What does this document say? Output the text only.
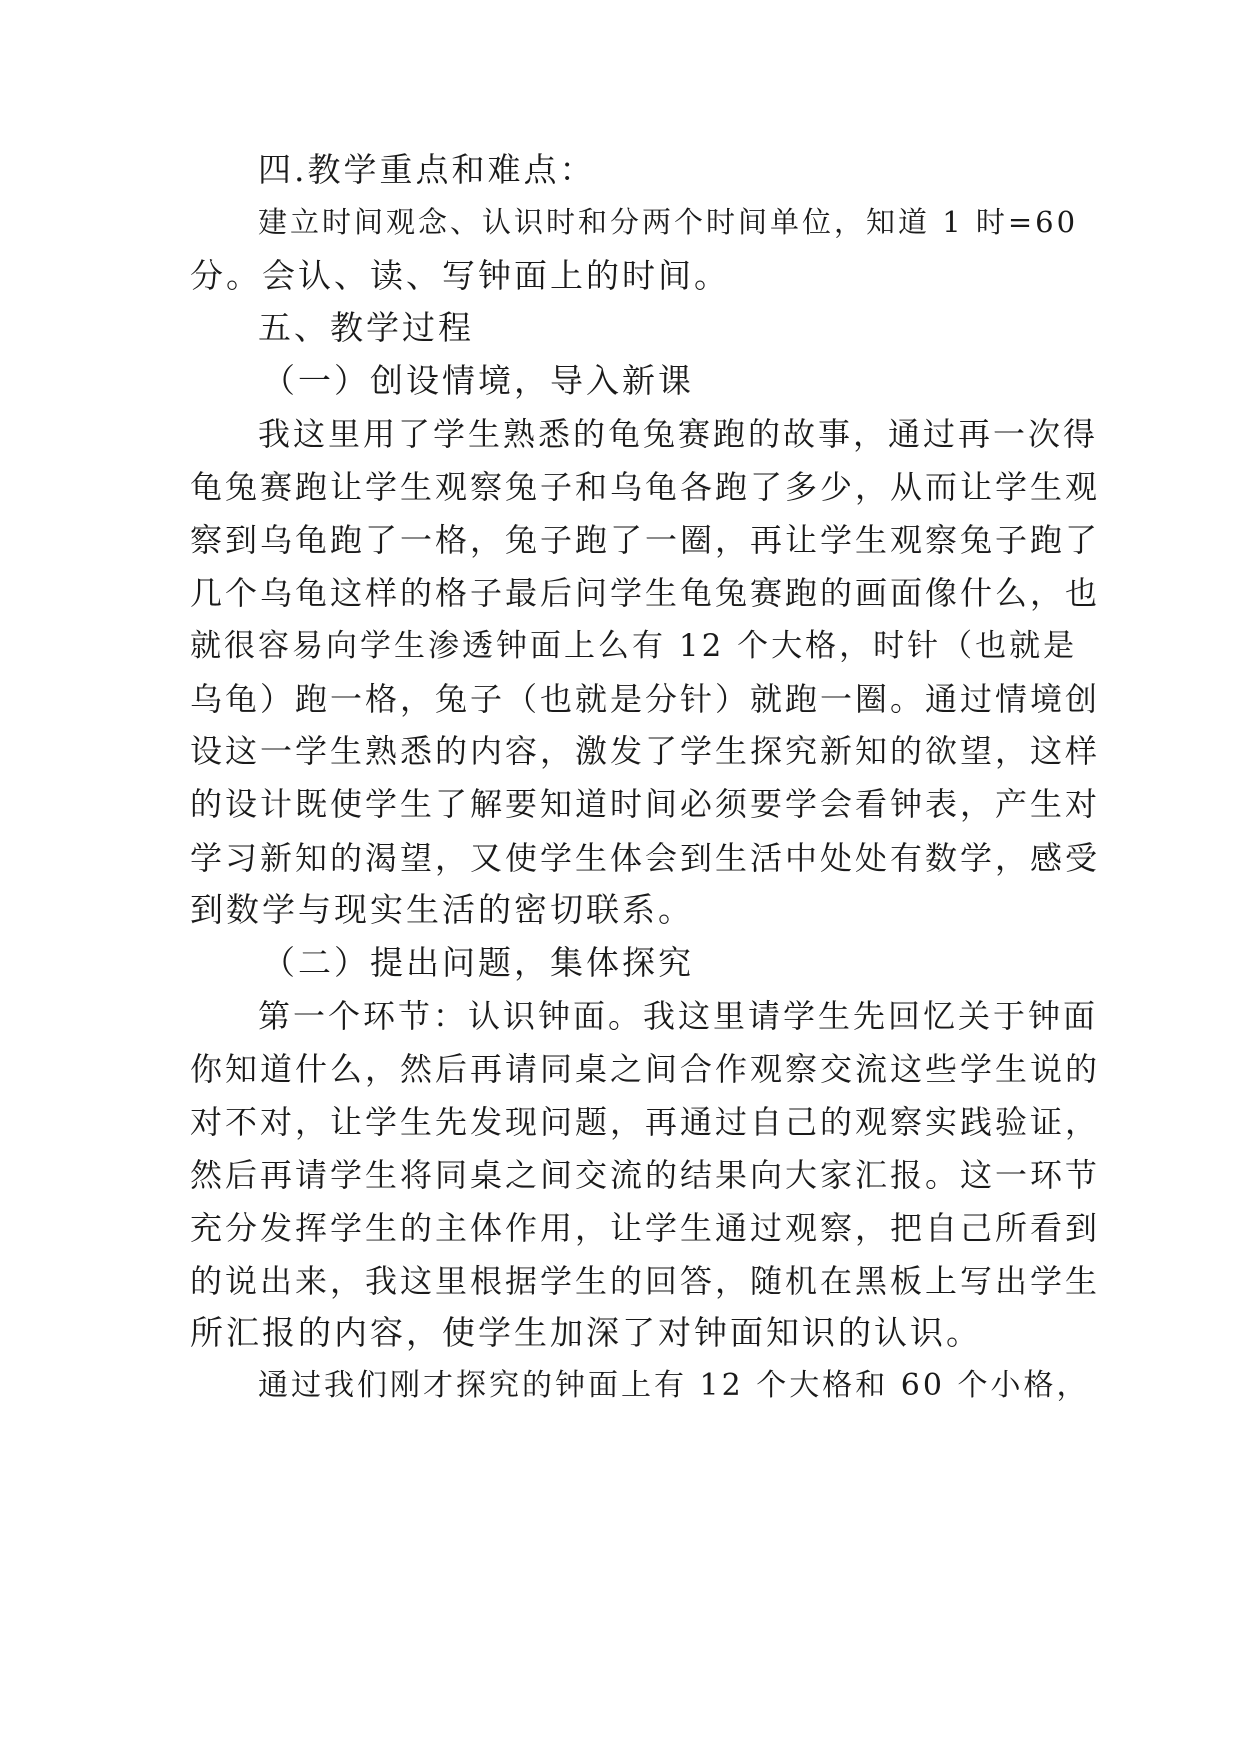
四.教学重点和难点：
建立时间观念、认识时和分两个时间单位，知道 1 时=60
分。会认、读、写钟面上的时间。
五、教学过程
（一）创设情境，导入新课
我这里用了学生熟悉的龟兔赛跑的故事，通过再一次得
龟兔赛跑让学生观察兔子和乌龟各跑了多少，从而让学生观
察到乌龟跑了一格，兔子跑了一圈，再让学生观察兔子跑了
几个乌龟这样的格子最后问学生龟兔赛跑的画面像什么，也
就很容易向学生渗透钟面上么有 12 个大格，时针（也就是
乌龟）跑一格，兔子（也就是分针）就跑一圈。通过情境创
设这一学生熟悉的内容，激发了学生探究新知的欲望，这样
的设计既使学生了解要知道时间必须要学会看钟表，产生对
学习新知的渴望，又使学生体会到生活中处处有数学，感受
到数学与现实生活的密切联系。
（二）提出问题，集体探究
第一个环节：认识钟面。我这里请学生先回忆关于钟面
你知道什么，然后再请同桌之间合作观察交流这些学生说的
对不对，让学生先发现问题，再通过自己的观察实践验证，
然后再请学生将同桌之间交流的结果向大家汇报。这一环节
充分发挥学生的主体作用，让学生通过观察，把自己所看到
的说出来，我这里根据学生的回答，随机在黑板上写出学生
所汇报的内容，使学生加深了对钟面知识的认识。
通过我们刚才探究的钟面上有 12 个大格和 60 个小格，
